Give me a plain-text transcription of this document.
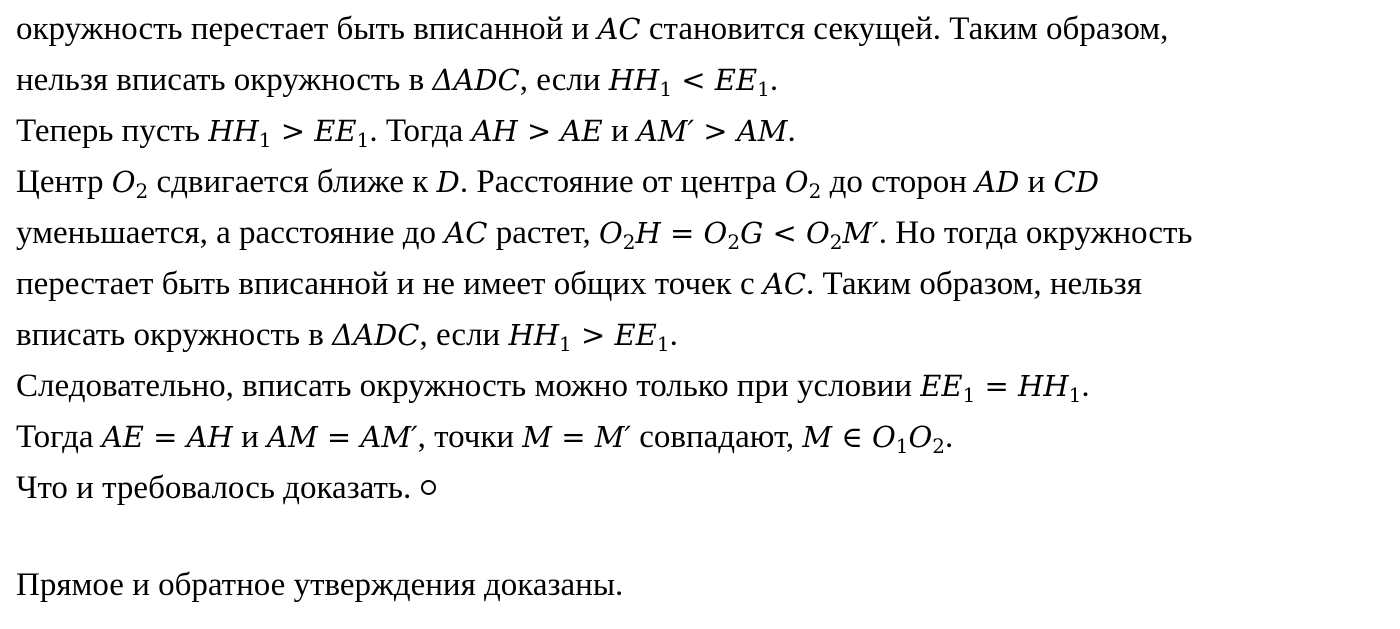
окружность перестает быть вписанной и AC становится секущей. Таким образом,
нельзя вписать окружность в ΔADC, если $HH_1 < EE_1$.
Теперь пусть $HH_1 > EE_1$. Тогда AH > AE и AM′ > AM.
Центр $O_2$ сдвигается ближе к D. Расстояние от центра $O_2$ до сторон AD и CD
уменьшается, а расстояние до AC растет, $O_2H = O_2G < O_2M'$. Но тогда окружность
перестает быть вписанной и не имеет общих точек с AC. Таким образом, нельзя
вписать окружность в ΔADC, если $HH_1 > EE_1$.
Следовательно, вписать окружность можно только при условии $EE_1 = HH_1$.
Тогда AE = AH и AM = AM′, точки M = M′ совпадают, M ∈ $O_1O_2$.
Что и требовалось доказать.
Прямое и обратное утверждения доказаны.
